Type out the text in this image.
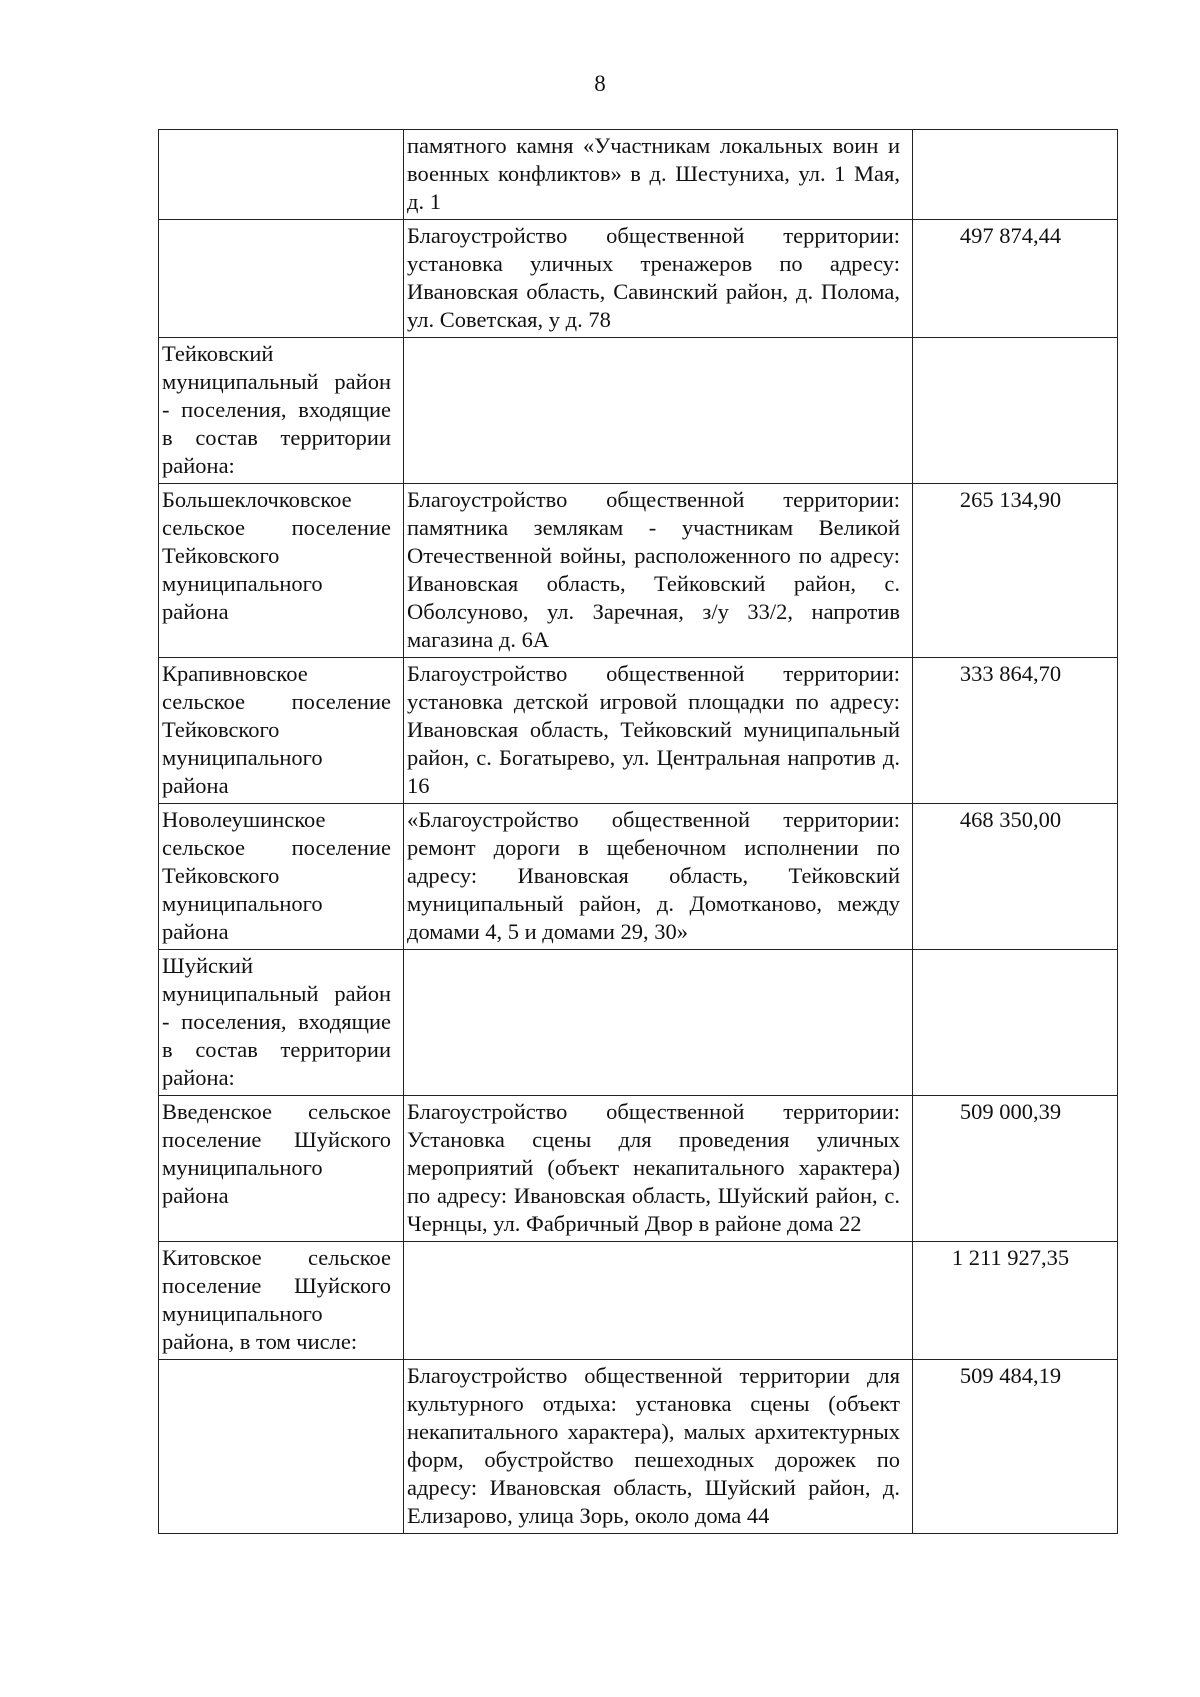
8
	памятного камня «Участникам локальных воин и военных конфликтов» в д. Шестуниха, ул. 1 Мая, д. 1	
	Благоустройство общественной территории: установка уличных тренажеров по адресу: Ивановская область, Савинский район, д. Полома, ул. Советская, у д. 78	497 874,44
Тейковский муниципальный район - поселения, входящие в состав территории района:		
Большеклочковское сельское поселение Тейковского муниципального района	Благоустройство общественной территории: памятника землякам - участникам Великой Отечественной войны, расположенного по адресу: Ивановская область, Тейковский район, с. Оболсуново, ул. Заречная, з/у 33/2, напротив магазина д. 6А	265 134,90
Крапивновское сельское поселение Тейковского муниципального района	Благоустройство общественной территории: установка детской игровой площадки по адресу: Ивановская область, Тейковский муниципальный район, с. Богатырево, ул. Центральная напротив д. 16	333 864,70
Новолеушинское сельское поселение Тейковского муниципального района	«Благоустройство общественной территории: ремонт дороги в щебеночном исполнении по адресу: Ивановская область, Тейковский муниципальный район, д. Домотканово, между домами 4, 5 и домами 29, 30»	468 350,00
Шуйский муниципальный район - поселения, входящие в состав территории района:		
Введенское сельское поселение Шуйского муниципального района	Благоустройство общественной территории: Установка сцены для проведения уличных мероприятий (объект некапитального характера) по адресу: Ивановская область, Шуйский район, с. Чернцы, ул. Фабричный Двор в районе дома 22	509 000,39
Китовское сельское поселение Шуйского муниципального района, в том числе:		1 211 927,35
	Благоустройство общественной территории для культурного отдыха: установка сцены (объект некапитального характера), малых архитектурных форм, обустройство пешеходных дорожек по адресу: Ивановская область, Шуйский район, д. Елизарово, улица Зорь, около дома 44	509 484,19
